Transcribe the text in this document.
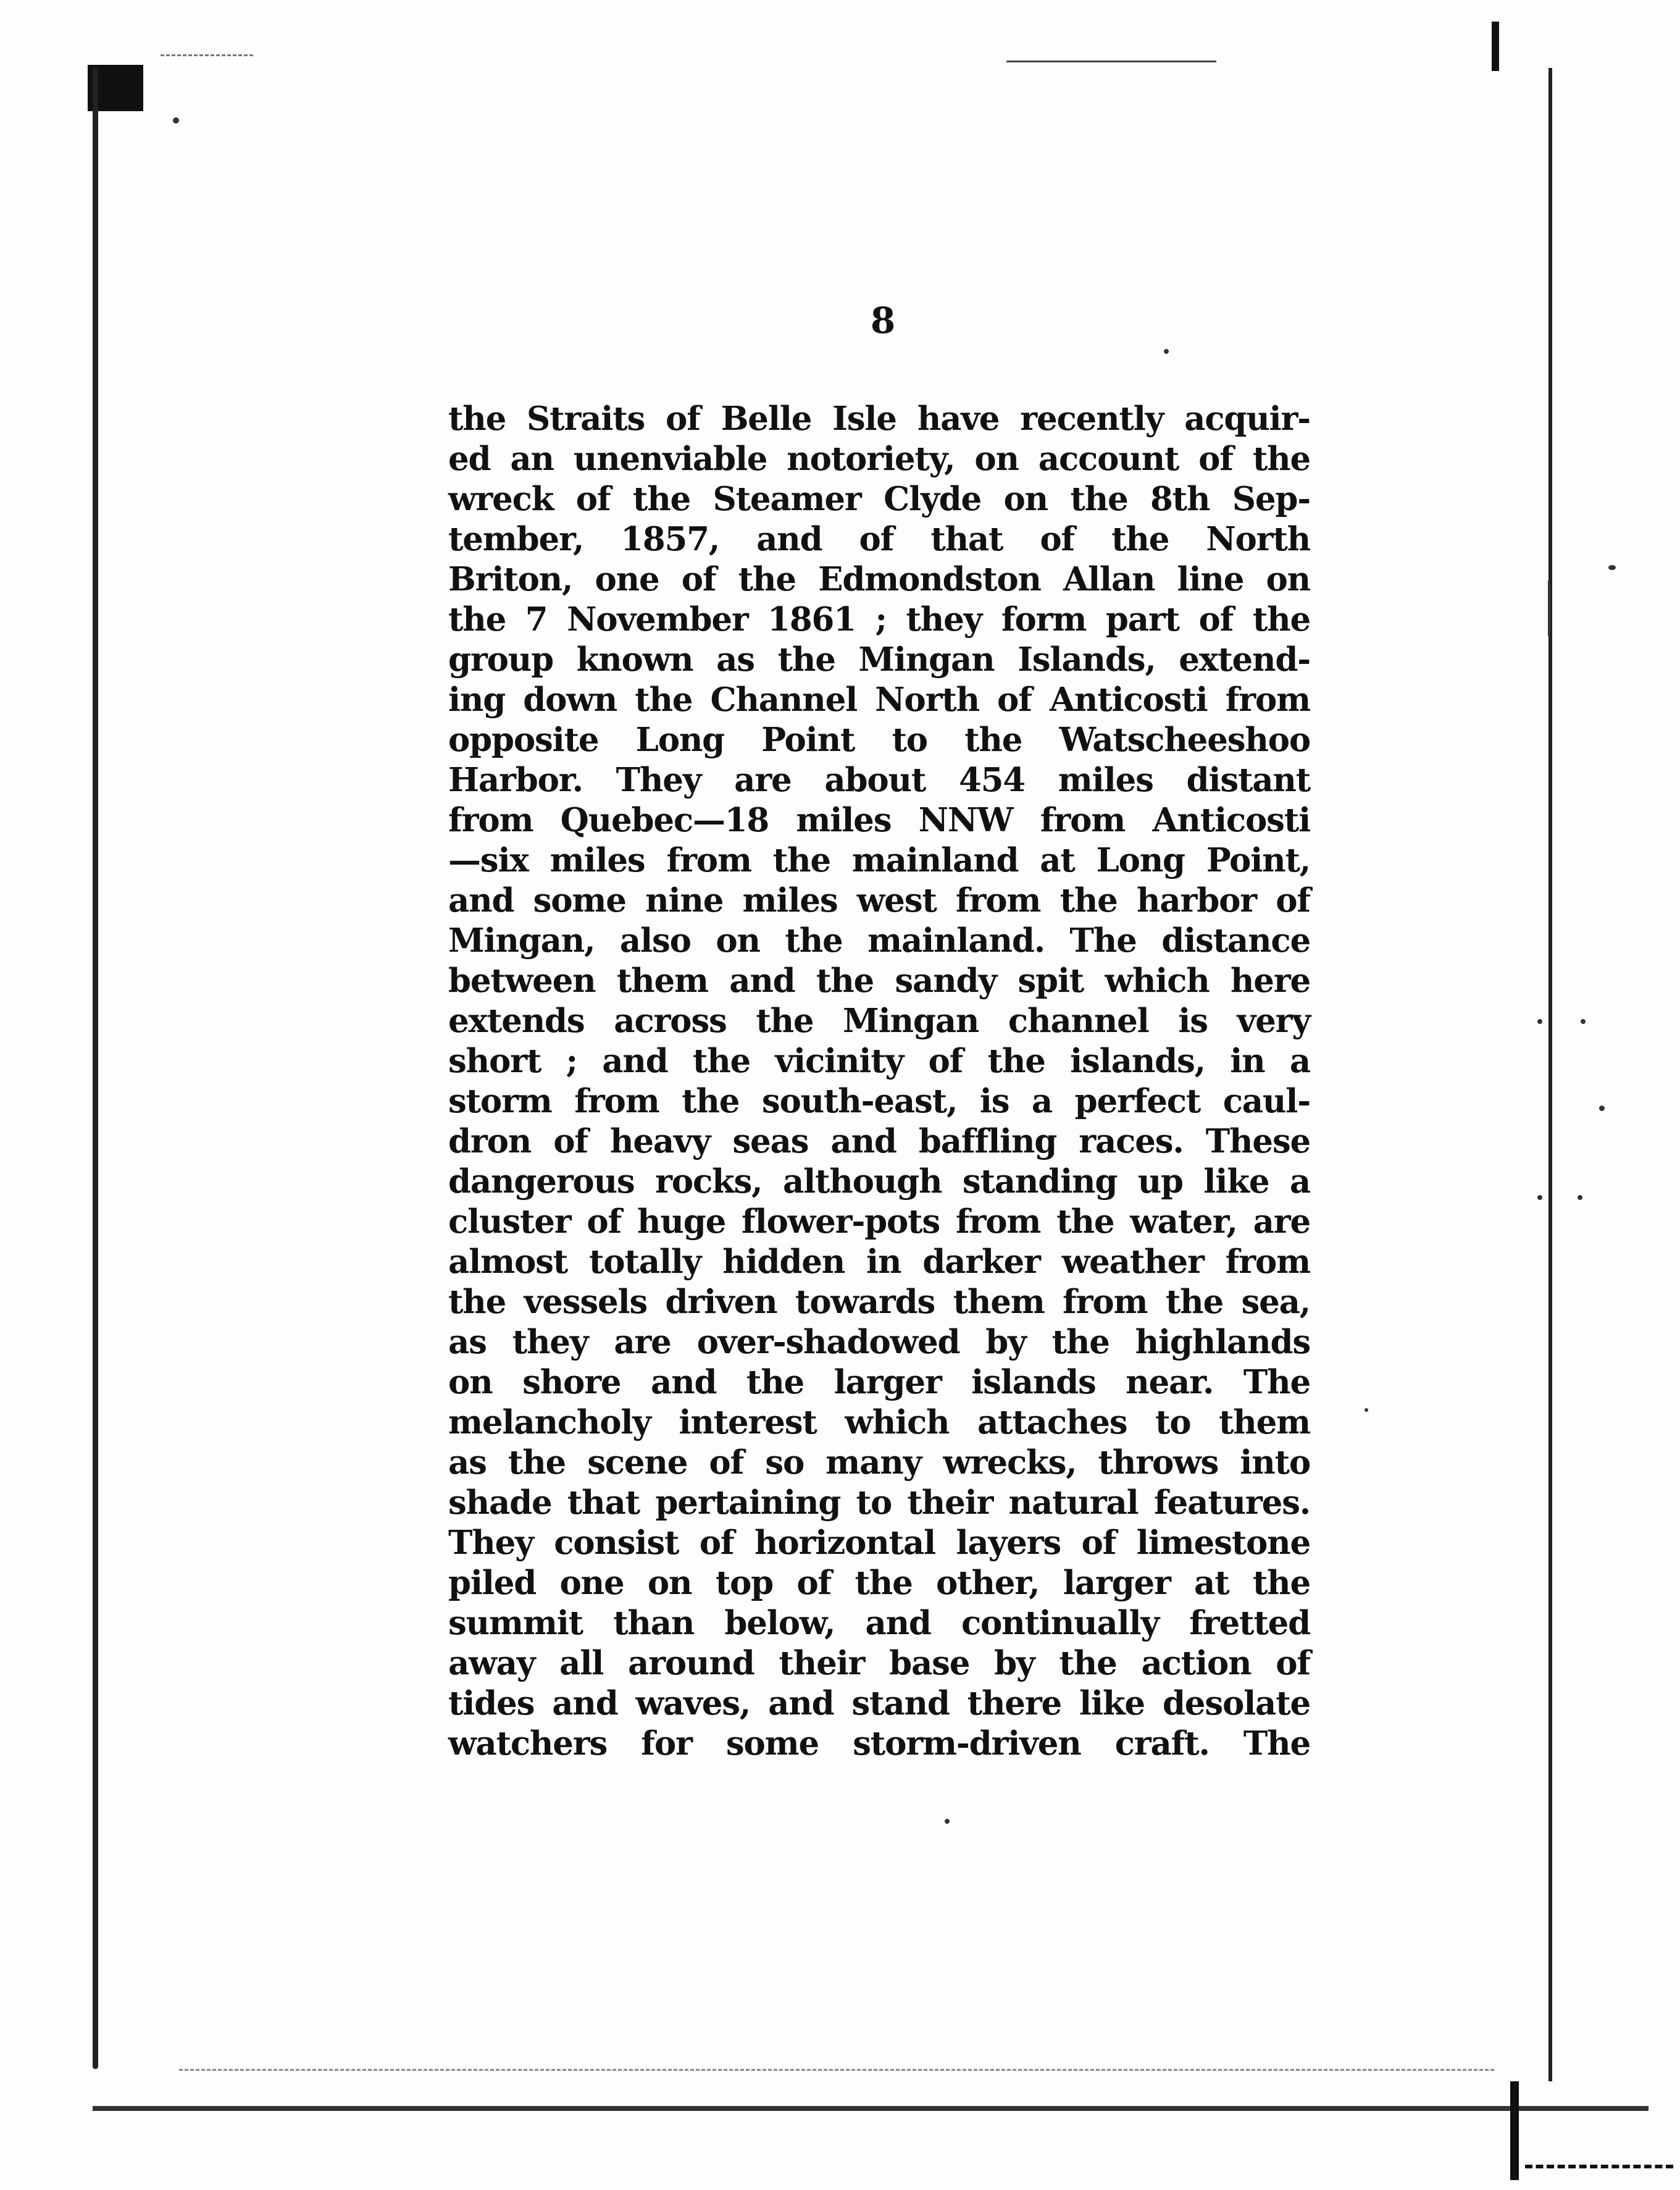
8
the Straits of Belle Isle have recently acquir-
ed an unenviable notoriety, on account of the
wreck of the Steamer Clyde on the 8th Sep-
tember, 1857, and of that of the North
Briton, one of the Edmondston Allan line on
the 7 November 1861 ; they form part of the
group known as the Mingan Islands, extend-
ing down the Channel North of Anticosti from
opposite Long Point to the Watscheeshoo
Harbor. They are about 454 miles distant
from Quebec—18 miles NNW from Anticosti
—six miles from the mainland at Long Point,
and some nine miles west from the harbor of
Mingan, also on the mainland. The distance
between them and the sandy spit which here
extends across the Mingan channel is very
short ; and the vicinity of the islands, in a
storm from the south-east, is a perfect caul-
dron of heavy seas and baffling races. These
dangerous rocks, although standing up like a
cluster of huge flower-pots from the water, are
almost totally hidden in darker weather from
the vessels driven towards them from the sea,
as they are over-shadowed by the highlands
on shore and the larger islands near. The
melancholy interest which attaches to them
as the scene of so many wrecks, throws into
shade that pertaining to their natural features.
They consist of horizontal layers of limestone
piled one on top of the other, larger at the
summit than below, and continually fretted
away all around their base by the action of
tides and waves, and stand there like desolate
watchers for some storm-driven craft. The
